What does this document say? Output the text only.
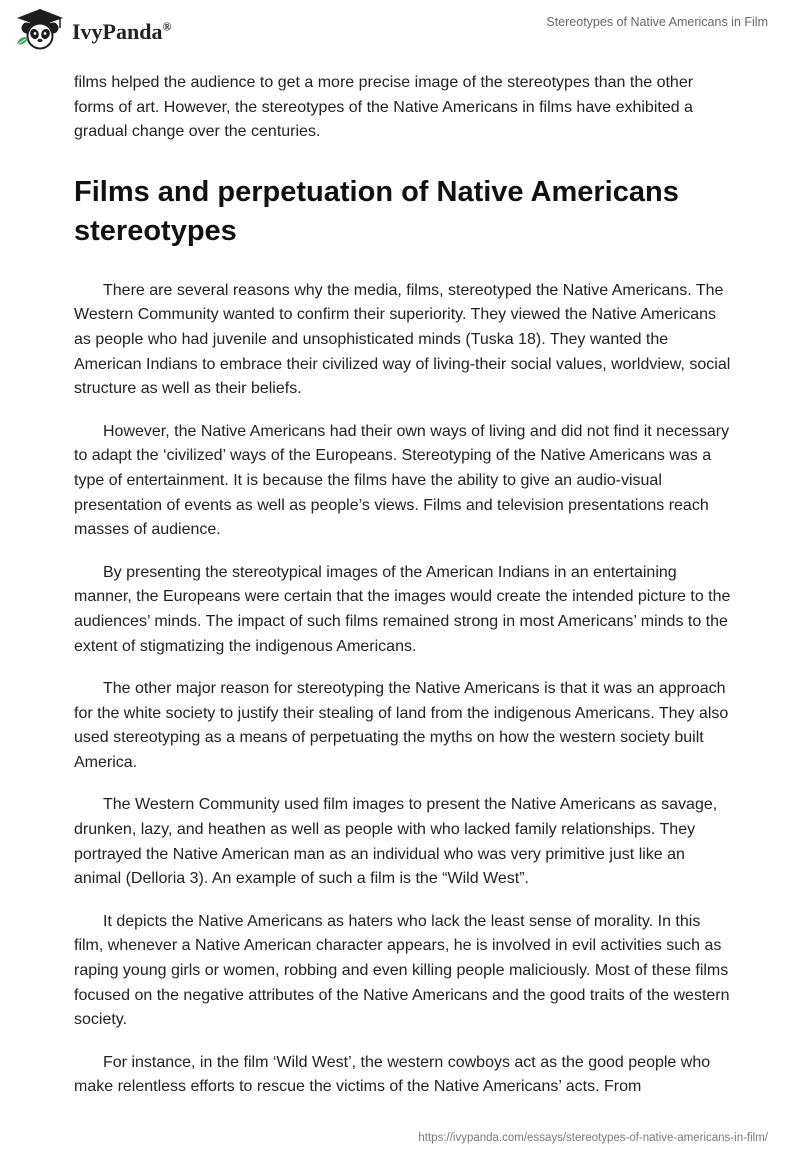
IvyPanda®	Stereotypes of Native Americans in Film

films helped the audience to get a more precise image of the stereotypes than the other forms of art. However, the stereotypes of the Native Americans in films have exhibited a gradual change over the centuries.

Films and perpetuation of Native Americans stereotypes

There are several reasons why the media, films, stereotyped the Native Americans. The Western Community wanted to confirm their superiority. They viewed the Native Americans as people who had juvenile and unsophisticated minds (Tuska 18). They wanted the American Indians to embrace their civilized way of living-their social values, worldview, social structure as well as their beliefs.

However, the Native Americans had their own ways of living and did not find it necessary to adapt the ‘civilized’ ways of the Europeans. Stereotyping of the Native Americans was a type of entertainment. It is because the films have the ability to give an audio-visual presentation of events as well as people’s views. Films and television presentations reach masses of audience.

By presenting the stereotypical images of the American Indians in an entertaining manner, the Europeans were certain that the images would create the intended picture to the audiences’ minds. The impact of such films remained strong in most Americans’ minds to the extent of stigmatizing the indigenous Americans.

The other major reason for stereotyping the Native Americans is that it was an approach for the white society to justify their stealing of land from the indigenous Americans. They also used stereotyping as a means of perpetuating the myths on how the western society built America.

The Western Community used film images to present the Native Americans as savage, drunken, lazy, and heathen as well as people with who lacked family relationships. They portrayed the Native American man as an individual who was very primitive just like an animal (Delloria 3). An example of such a film is the “Wild West”.

It depicts the Native Americans as haters who lack the least sense of morality. In this film, whenever a Native American character appears, he is involved in evil activities such as raping young girls or women, robbing and even killing people maliciously. Most of these films focused on the negative attributes of the Native Americans and the good traits of the western society.

For instance, in the film ‘Wild West’, the western cowboys act as the good people who make relentless efforts to rescue the victims of the Native Americans’ acts. From

https://ivypanda.com/essays/stereotypes-of-native-americans-in-film/
